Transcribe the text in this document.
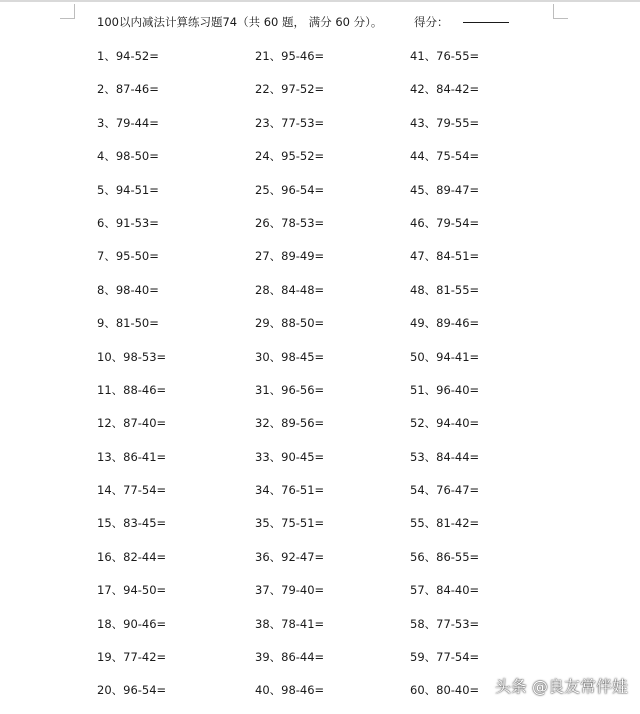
100以内减法计算练习题74（共 60 题， 满分 60 分）。	得分：
1、94-52=
2、87-46=
3、79-44=
4、98-50=
5、94-51=
6、91-53=
7、95-50=
8、98-40=
9、81-50=
10、98-53=
11、88-46=
12、87-40=
13、86-41=
14、77-54=
15、83-45=
16、82-44=
17、94-50=
18、90-46=
19、77-42=
20、96-54=
21、95-46=
22、97-52=
23、77-53=
24、95-52=
25、96-54=
26、78-53=
27、89-49=
28、84-48=
29、88-50=
30、98-45=
31、96-56=
32、89-56=
33、90-45=
34、76-51=
35、75-51=
36、92-47=
37、79-40=
38、78-41=
39、86-44=
40、98-46=
41、76-55=
42、84-42=
43、79-55=
44、75-54=
45、89-47=
46、79-54=
47、84-51=
48、81-55=
49、89-46=
50、94-41=
51、96-40=
52、94-40=
53、84-44=
54、76-47=
55、81-42=
56、86-55=
57、84-40=
58、77-53=
59、77-54=
60、80-40= 头条 @良友常伴娃
